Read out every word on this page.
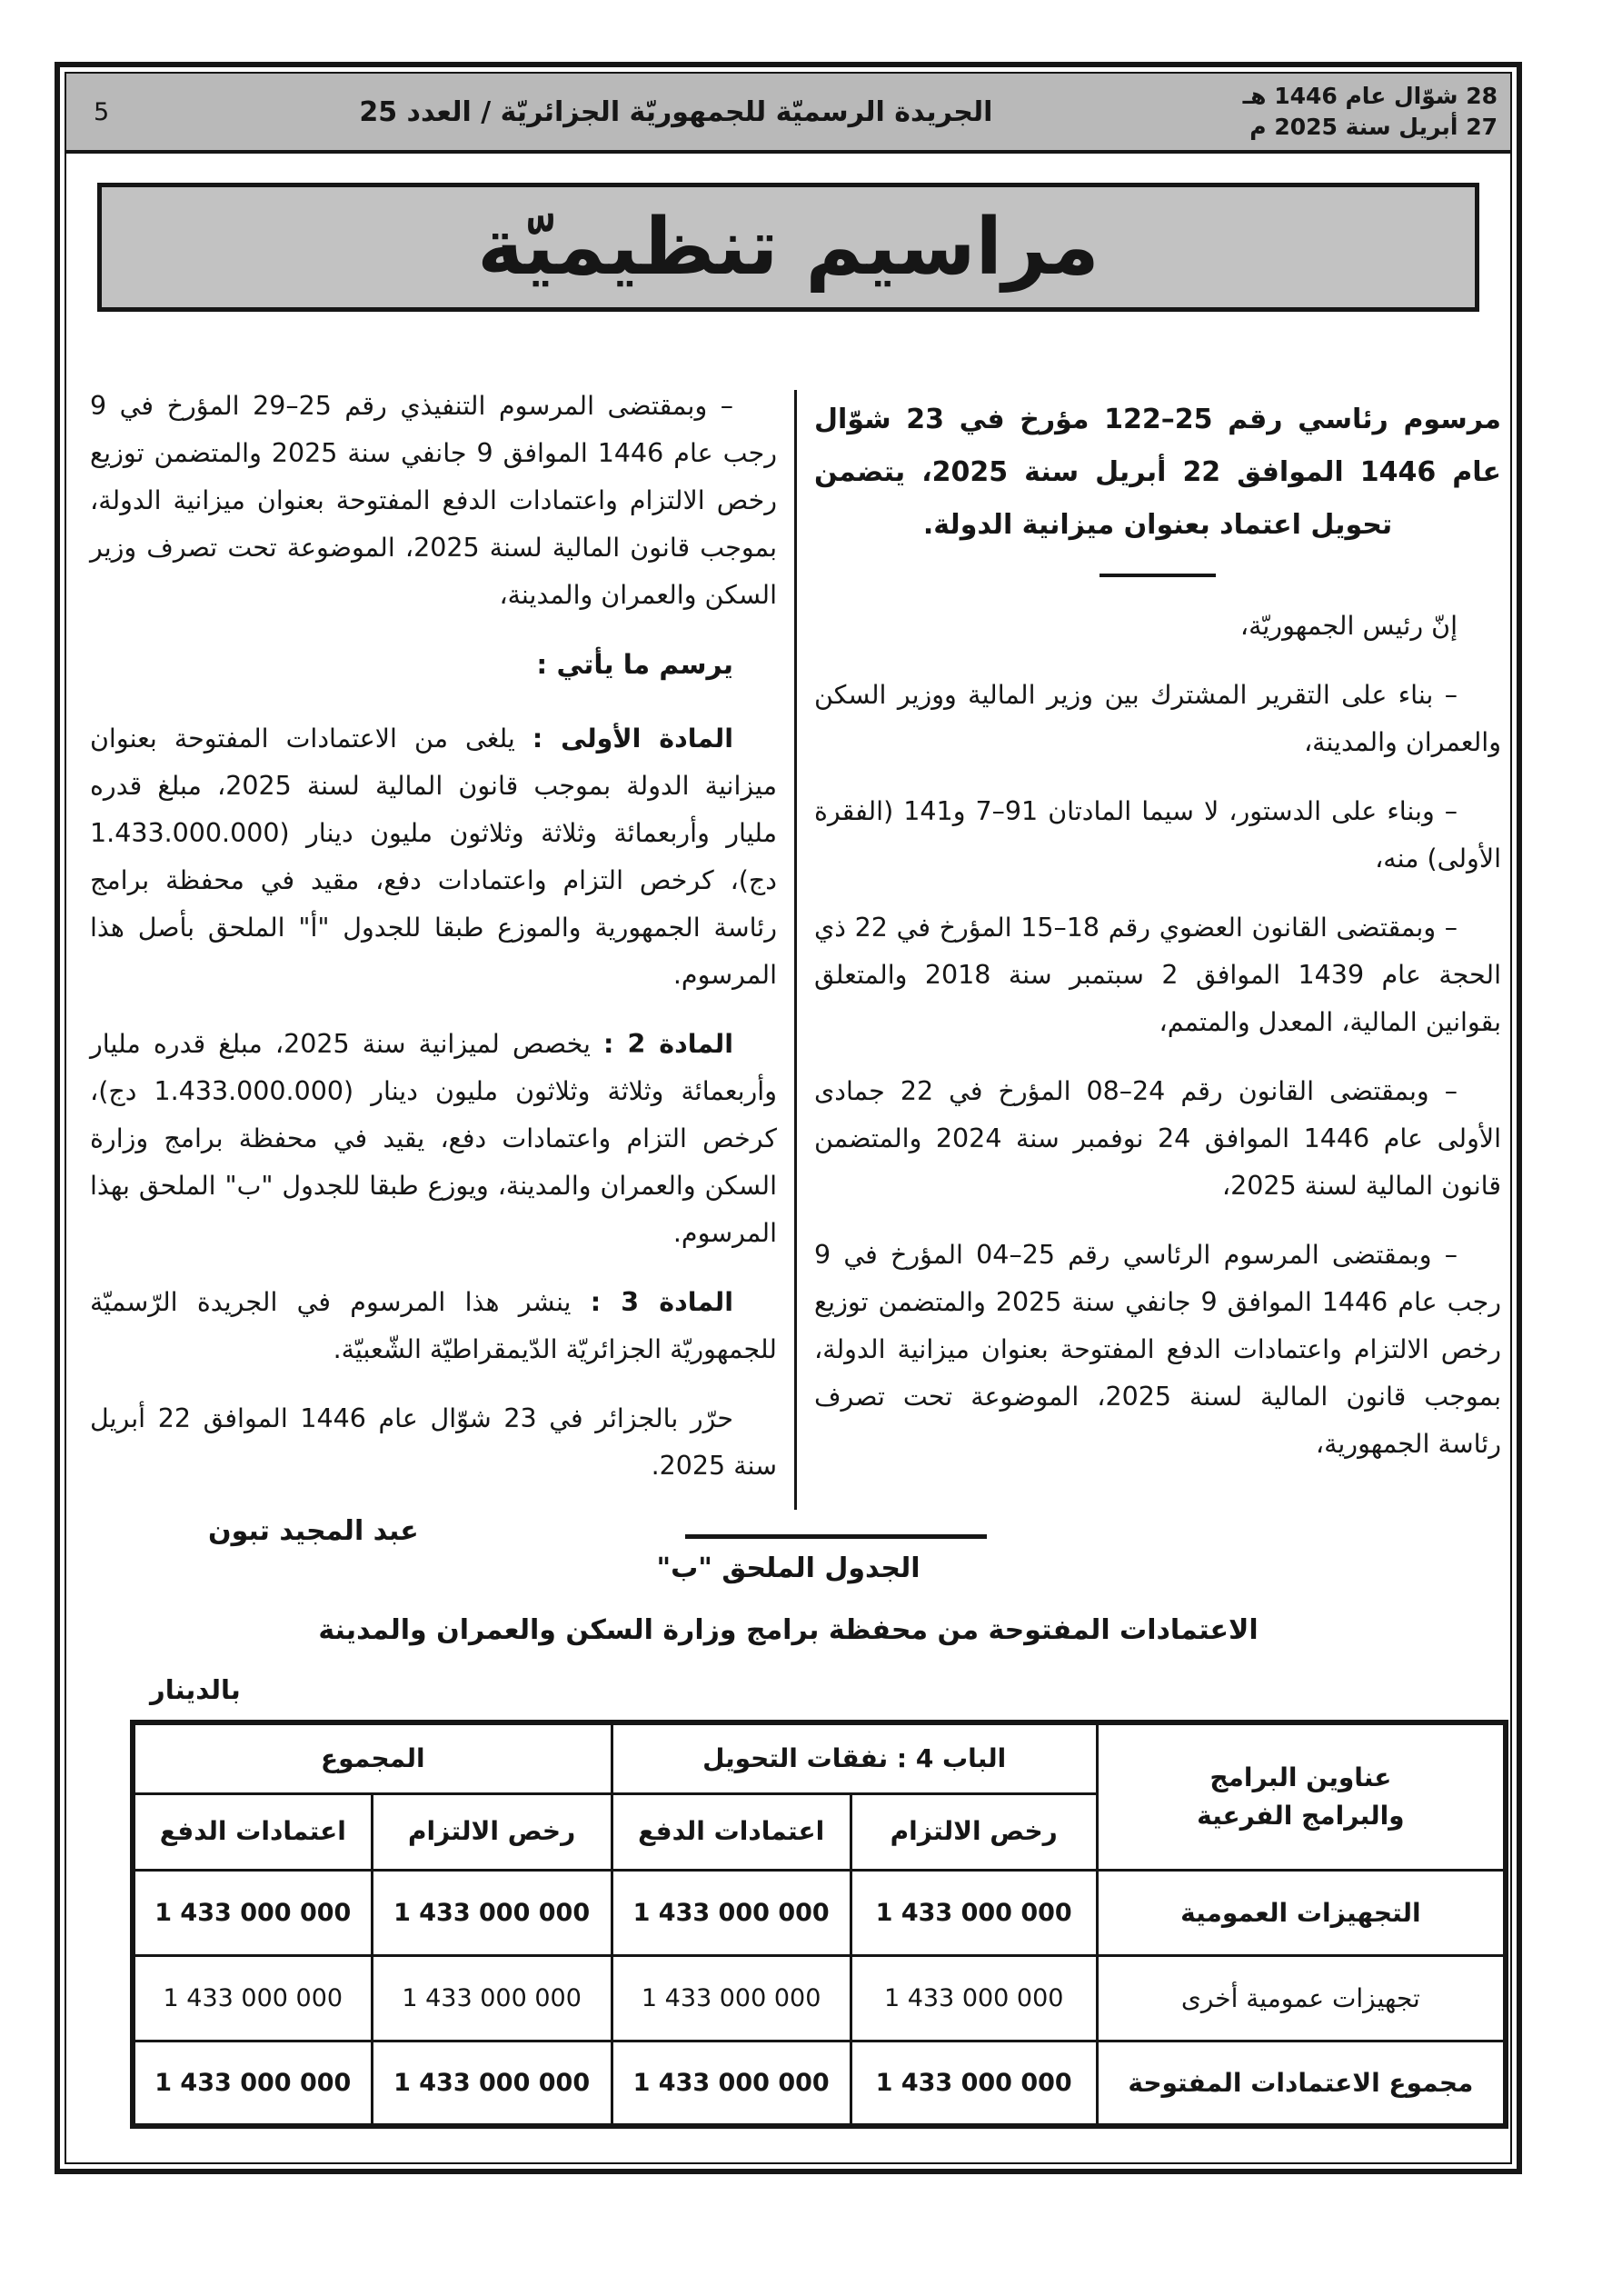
28 شوّال عام 1446 هـ
27 أبريل سنة 2025 م
الجريدة الرسميّة للجمهوريّة الجزائريّة / العدد 25
5
مراسيم تنظيميّة

مرسوم رئاسي رقم 25–122 مؤرخ في 23 شوّال عام 1446 الموافق 22 أبريل سنة 2025، يتضمن تحويل اعتماد بعنوان ميزانية الدولة.

إنّ رئيس الجمهوريّة،

– بناء على التقرير المشترك بين وزير المالية ووزير السكن والعمران والمدينة،

– وبناء على الدستور، لا سيما المادتان 91–7 و141 (الفقرة الأولى) منه،

– وبمقتضى القانون العضوي رقم 18–15 المؤرخ في 22 ذي الحجة عام 1439 الموافق 2 سبتمبر سنة 2018 والمتعلق بقوانين المالية، المعدل والمتمم،

– وبمقتضى القانون رقم 24–08 المؤرخ في 22 جمادى الأولى عام 1446 الموافق 24 نوفمبر سنة 2024 والمتضمن قانون المالية لسنة 2025،

– وبمقتضى المرسوم الرئاسي رقم 25–04 المؤرخ في 9 رجب عام 1446 الموافق 9 جانفي سنة 2025 والمتضمن توزيع رخص الالتزام واعتمادات الدفع المفتوحة بعنوان ميزانية الدولة، بموجب قانون المالية لسنة 2025، الموضوعة تحت تصرف رئاسة الجمهورية،

– وبمقتضى المرسوم التنفيذي رقم 25–29 المؤرخ في 9 رجب عام 1446 الموافق 9 جانفي سنة 2025 والمتضمن توزيع رخص الالتزام واعتمادات الدفع المفتوحة بعنوان ميزانية الدولة، بموجب قانون المالية لسنة 2025، الموضوعة تحت تصرف وزير السكن والعمران والمدينة،

يرسم ما يأتي :

المادة الأولى : يلغى من الاعتمادات المفتوحة بعنوان ميزانية الدولة بموجب قانون المالية لسنة 2025، مبلغ قدره مليار وأربعمائة وثلاثة وثلاثون مليون دينار (1.433.000.000 دج)، كرخص التزام واعتمادات دفع، مقيد في محفظة برامج رئاسة الجمهورية والموزع طبقا للجدول "أ" الملحق بأصل هذا المرسوم.

المادة 2 : يخصص لميزانية سنة 2025، مبلغ قدره مليار وأربعمائة وثلاثة وثلاثون مليون دينار (1.433.000.000 دج)، كرخص التزام واعتمادات دفع، يقيد في محفظة برامج وزارة السكن والعمران والمدينة، ويوزع طبقا للجدول "ب" الملحق بهذا المرسوم.

المادة 3 : ينشر هذا المرسوم في الجريدة الرّسميّة للجمهوريّة الجزائريّة الدّيمقراطيّة الشّعبيّة.

حرّر بالجزائر في 23 شوّال عام 1446 الموافق 22 أبريل سنة 2025.

عبد المجيد تبون
الجدول الملحق "ب"
الاعتمادات المفتوحة من محفظة برامج وزارة السكن والعمران والمدينة
بالدينار
عناوين البرامج
والبرامج الفرعية	الباب 4 : نفقات التحويل		المجموع	
	رخص الالتزام	اعتمادات الدفع	رخص الالتزام	اعتمادات الدفع
التجهيزات العمومية	1 433 000 000	1 433 000 000	1 433 000 000	1 433 000 000
تجهيزات عمومية أخرى	1 433 000 000	1 433 000 000	1 433 000 000	1 433 000 000
مجموع الاعتمادات المفتوحة	1 433 000 000	1 433 000 000	1 433 000 000	1 433 000 000
